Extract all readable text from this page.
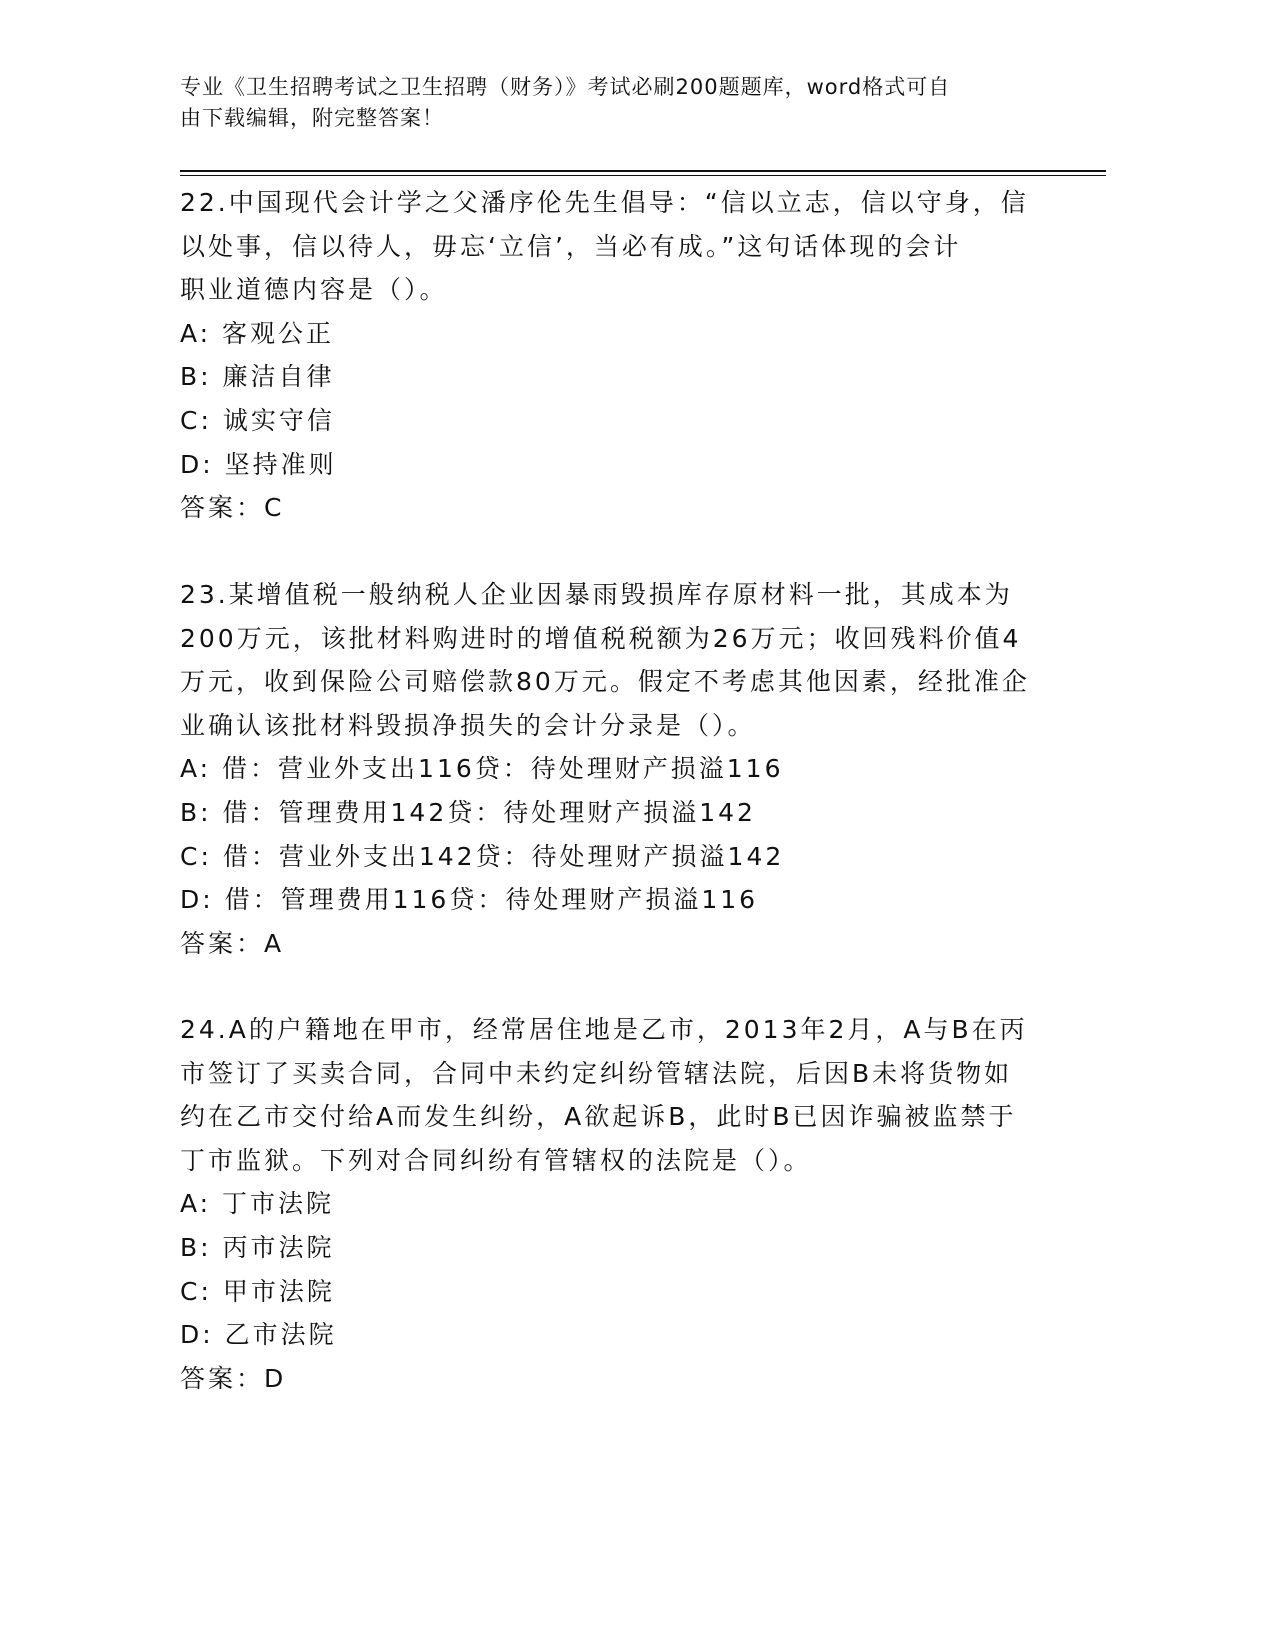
专业《卫生招聘考试之卫生招聘（财务）》考试必刷200题题库，word格式可自
由下载编辑，附完整答案！
22.中国现代会计学之父潘序伦先生倡导：“信以立志，信以守身，信
以处事，信以待人，毋忘‘立信’，当必有成。”这句话体现的会计
职业道德内容是（）。
A: 客观公正
B: 廉洁自律
C: 诚实守信
D: 坚持准则
答案：C
23.某增值税一般纳税人企业因暴雨毁损库存原材料一批，其成本为
200万元，该批材料购进时的增值税税额为26万元；收回残料价值4
万元，收到保险公司赔偿款80万元。假定不考虑其他因素，经批准企
业确认该批材料毁损净损失的会计分录是（）。
A: 借：营业外支出116贷：待处理财产损溢116
B: 借：管理费用142贷：待处理财产损溢142
C: 借：营业外支出142贷：待处理财产损溢142
D: 借：管理费用116贷：待处理财产损溢116
答案：A
24.A的户籍地在甲市，经常居住地是乙市，2013年2月，A与B在丙
市签订了买卖合同，合同中未约定纠纷管辖法院，后因B未将货物如
约在乙市交付给A而发生纠纷，A欲起诉B，此时B已因诈骗被监禁于
丁市监狱。下列对合同纠纷有管辖权的法院是（）。
A: 丁市法院
B: 丙市法院
C: 甲市法院
D: 乙市法院
答案：D
